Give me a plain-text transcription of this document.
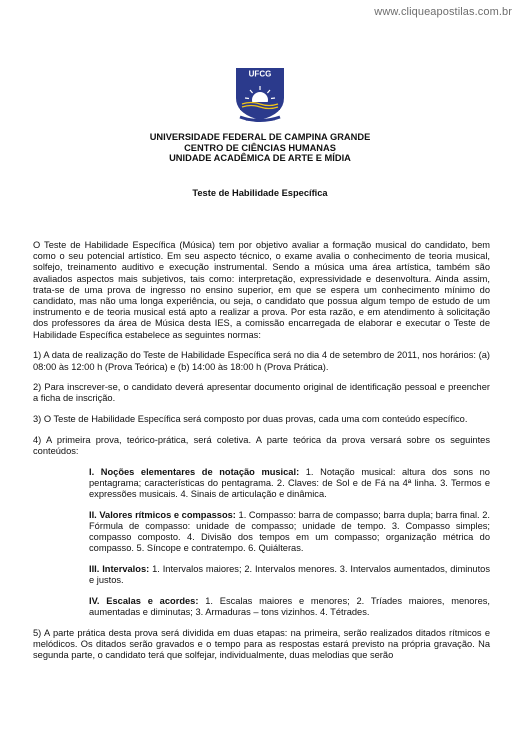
www.cliqueapostilas.com.br
UFCG
SCIENTIA ET LABOR
UNIVERSIDADE FEDERAL DE CAMPINA GRANDE
CENTRO DE CIÊNCIAS HUMANAS
UNIDADE ACADÊMICA DE ARTE E MÍDIA
Teste de Habilidade Específica

O Teste de Habilidade Específica (Música) tem por objetivo avaliar a formação musical do candidato, bem como o seu potencial artístico. Em seu aspecto técnico, o exame avalia o conhecimento de teoria musical, solfejo, treinamento auditivo e execução instrumental. Sendo a música uma área artística, também são avaliados aspectos mais subjetivos, tais como: interpretação, expressividade e desenvoltura. Ainda assim, trata-se de uma prova de ingresso no ensino superior, em que se espera um conhecimento mínimo do candidato, mas não uma longa experiência, ou seja, o candidato que possua algum tempo de estudo de um instrumento e de teoria musical está apto a realizar a prova. Por esta razão, e em atendimento à solicitação dos professores da área de Música desta IES, a comissão encarregada de elaborar e executar o Teste de Habilidade Específica estabelece as seguintes normas:

1) A data de realização do Teste de Habilidade Específica será no dia 4 de setembro de 2011, nos horários: (a) 08:00 às 12:00 h (Prova Teórica) e (b) 14:00 às 18:00 h (Prova Prática).

2) Para inscrever-se, o candidato deverá apresentar documento original de identificação pessoal e preencher a ficha de inscrição.

3) O Teste de Habilidade Específica será composto por duas provas, cada uma com conteúdo específico.

4) A primeira prova, teórico-prática, será coletiva. A parte teórica da prova versará sobre os seguintes conteúdos:

I. Noções elementares de notação musical: 1. Notação musical: altura dos sons no pentagrama; características do pentagrama. 2. Claves: de Sol e de Fá na 4ª linha. 3. Termos e expressões musicais. 4. Sinais de articulação e dinâmica.

II. Valores rítmicos e compassos: 1. Compasso: barra de compasso; barra dupla; barra final. 2. Fórmula de compasso: unidade de compasso; unidade de tempo. 3. Compasso simples; compasso composto. 4. Divisão dos tempos em um compasso; organização métrica do compasso. 5. Síncope e contratempo. 6. Quiálteras.

III. Intervalos: 1. Intervalos maiores; 2. Intervalos menores. 3. Intervalos aumentados, diminutos e justos.

IV. Escalas e acordes: 1. Escalas maiores e menores; 2. Tríades maiores, menores, aumentadas e diminutas; 3. Armaduras – tons vizinhos. 4. Tétrades.

5) A parte prática desta prova será dividida em duas etapas: na primeira, serão realizados ditados rítmicos e melódicos. Os ditados serão gravados e o tempo para as respostas estará previsto na própria gravação. Na segunda parte, o candidato terá que solfejar, individualmente, duas melodias que serão
